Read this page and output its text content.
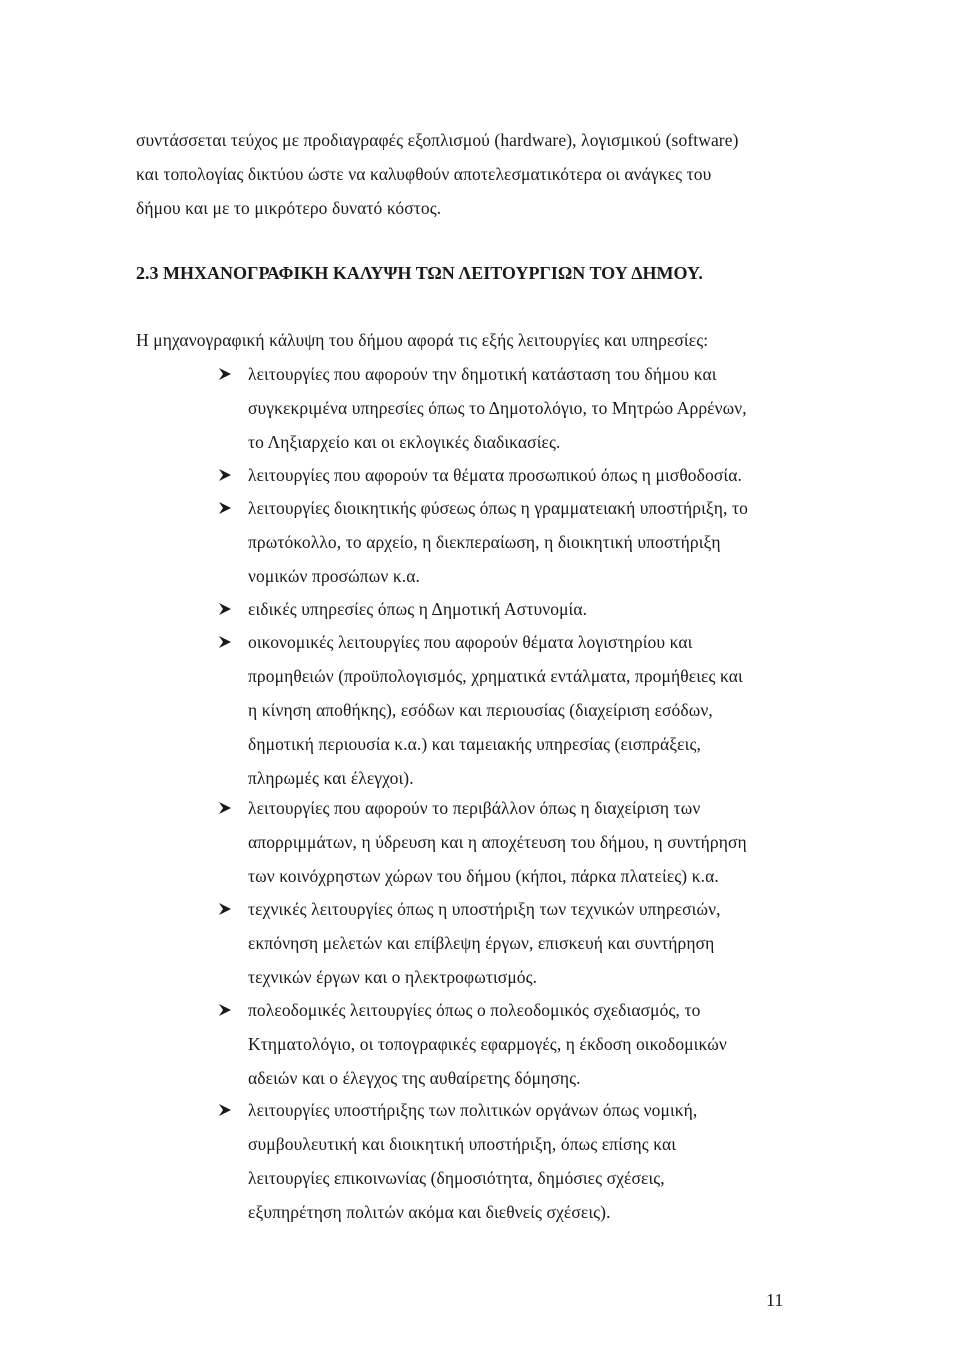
συντάσσεται τεύχος με προδιαγραφές εξοπλισμού (hardware), λογισμικού (software)
και τοπολογίας δικτύου ώστε να καλυφθούν αποτελεσματικότερα οι ανάγκες του
δήμου και με το μικρότερο δυνατό κόστος.
2.3 ΜΗΧΑΝΟΓΡΑΦΙΚΗ ΚΑΛΥΨΗ ΤΩΝ ΛΕΙΤΟΥΡΓΙΩΝ ΤΟΥ ΔΗΜΟΥ.
Η μηχανογραφική κάλυψη του δήμου αφορά τις εξής λειτουργίες και υπηρεσίες:
λειτουργίες που αφορούν την δημοτική κατάσταση του δήμου και
συγκεκριμένα υπηρεσίες όπως το Δημοτολόγιο, το Μητρώο Αρρένων,
το Ληξιαρχείο και οι εκλογικές διαδικασίες.
λειτουργίες που αφορούν τα θέματα προσωπικού όπως η μισθοδοσία.
λειτουργίες διοικητικής φύσεως όπως η γραμματειακή υποστήριξη, το
πρωτόκολλο, το αρχείο, η διεκπεραίωση, η διοικητική υποστήριξη
νομικών προσώπων κ.α.
ειδικές υπηρεσίες όπως η Δημοτική Αστυνομία.
οικονομικές λειτουργίες που αφορούν θέματα λογιστηρίου και
προμηθειών (προϋπολογισμός, χρηματικά εντάλματα, προμήθειες και
η κίνηση αποθήκης), εσόδων και περιουσίας (διαχείριση εσόδων,
δημοτική περιουσία κ.α.) και ταμειακής υπηρεσίας (εισπράξεις,
πληρωμές και έλεγχοι).
λειτουργίες που αφορούν το περιβάλλον όπως η διαχείριση των
απορριμμάτων, η ύδρευση και η αποχέτευση του δήμου, η συντήρηση
των κοινόχρηστων χώρων του δήμου (κήποι, πάρκα πλατείες) κ.α.
τεχνικές λειτουργίες όπως η υποστήριξη των τεχνικών υπηρεσιών,
εκπόνηση μελετών και επίβλεψη έργων, επισκευή και συντήρηση
τεχνικών έργων και ο ηλεκτροφωτισμός.
πολεοδομικές λειτουργίες όπως ο πολεοδομικός σχεδιασμός, το
Κτηματολόγιο, οι τοπογραφικές εφαρμογές, η έκδοση οικοδομικών
αδειών και ο έλεγχος της αυθαίρετης δόμησης.
λειτουργίες υποστήριξης των πολιτικών οργάνων όπως νομική,
συμβουλευτική και διοικητική υποστήριξη, όπως επίσης και
λειτουργίες επικοινωνίας (δημοσιότητα, δημόσιες σχέσεις,
εξυπηρέτηση πολιτών ακόμα και διεθνείς σχέσεις).
11
